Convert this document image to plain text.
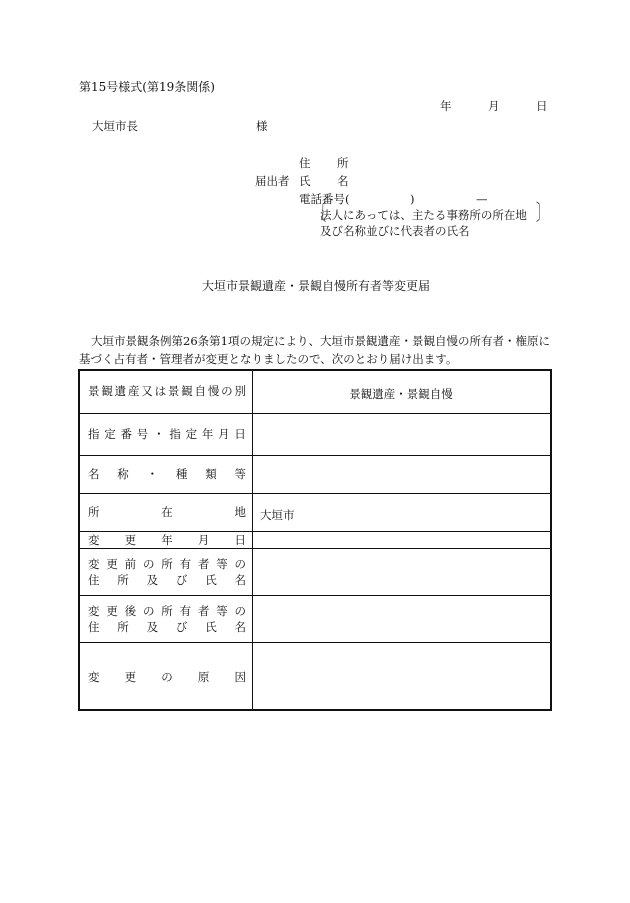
第15号様式(第19条関係)
年	月	日
大垣市長	様
住 所
届出者 氏 名
電話番号(	)	—
〔
法人にあっては、主たる事務所の所在地
及び名称並びに代表者の氏名
〕
大垣市景観遺産・景観自慢所有者等変更届
大垣市景観条例第26条第1項の規定により、大垣市景観遺産・景観自慢の所有者・権原に
基づく占有者・管理者が変更となりましたので、次のとおり届け出ます。
景 観 遺 産 又 は 景 観 自 慢 の 別	景観遺産・景観自慢
指 定 番 号 ・ 指 定 年 月 日
名 称 ・ 種 類 等
所	在	地 大垣市
変 更 年 月 日
変 更 前 の 所 有 者 等 の
住 所 及 び 氏 名
変 更 後 の 所 有 者 等 の
住 所 及 び 氏 名
変 更 の 原 因
